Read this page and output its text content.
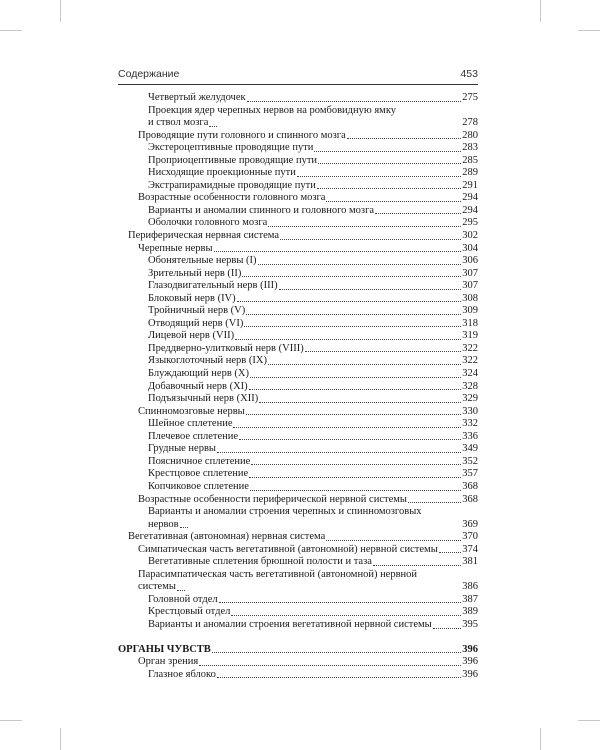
Содержание	453
Четвертый желудочек	275
Проекция ядер черепных нервов на ромбовидную ямку
и ствол мозга	278
Проводящие пути головного и спинного мозга	280
Экстероцептивные проводящие пути	283
Проприоцептивные проводящие пути	285
Нисходящие проекционные пути	289
Экстрапирамидные проводящие пути	291
Возрастные особенности головного мозга	294
Варианты и аномалии спинного и головного мозга	294
Оболочки головного мозга	295
Периферическая нервная система	302
Черепные нервы	304
Обонятельные нервы (I)	306
Зрительный нерв (II)	307
Глазодвигательный нерв (III)	307
Блоковый нерв (IV)	308
Тройничный нерв (V)	309
Отводящий нерв (VI)	318
Лицевой нерв (VII)	319
Преддверно-улитковый нерв (VIII)	322
Языкоглоточный нерв (IX)	322
Блуждающий нерв (X)	324
Добавочный нерв (XI)	328
Подъязычный нерв (XII)	329
Спинномозговые нервы	330
Шейное сплетение	332
Плечевое сплетение	336
Грудные нервы	349
Поясничное сплетение	352
Крестцовое сплетение	357
Копчиковое сплетение	368
Возрастные особенности периферической нервной системы	368
Варианты и аномалии строения черепных и спинномозговых
нервов	369
Вегетативная (автономная) нервная система	370
Симпатическая часть вегетативной (автономной) нервной системы 374
Вегетативные сплетения брюшной полости и таза	381
Парасимпатическая часть вегетативной (автономной) нервной
системы	386
Головной отдел	387
Крестцовый отдел	389
Варианты и аномалии строения вегетативной нервной системы	395
ОРГАНЫ ЧУВСТВ	396
Орган зрения	396
Глазное яблоко	396
